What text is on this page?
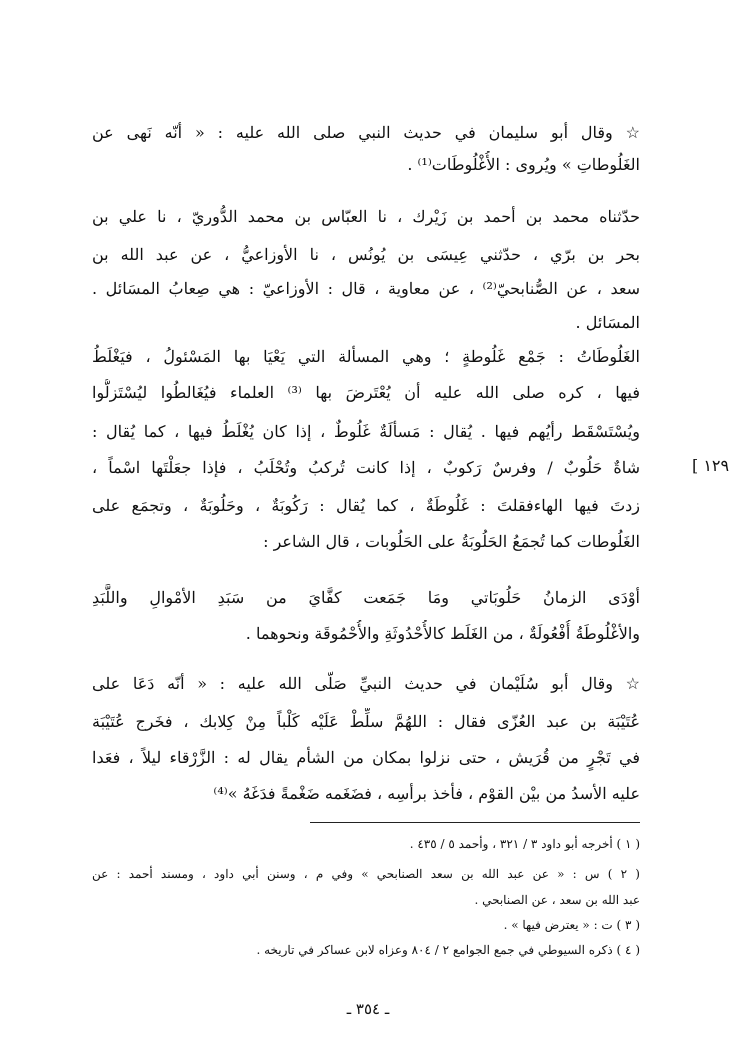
☆ وقال أبو سليمان في حديث النبي صلى الله عليه : « أنّه نَهى عن

الغَلُوطاتِ » ويُروى : الأُغْلُوطَات⁽¹⁾ .

حدّثناه محمد بن أحمد بن زَيْرك ، نا العبّاس بن محمد الدُّوريّ ، نا علي بن

بحر بن برّي ، حدّثني عِيسَى بن يُونُس ، نا الأوزاعيُّ ، عن عبد الله بن

سعد ، عن الصُّنابحيّ⁽²⁾ ، عن معاوية ، قال : الأوزاعيّ : هي صِعابُ المسَائل .

المسَائل .

الغَلُوطَاتُ : جَمْع غَلُوطةٍ ؛ وهي المسألة التي يَعْيَا بها المَسْئولُ ، فيَغْلَطُ

فيها ، كره صلى الله عليه أن يُعْتَرضَ بها ⁽³⁾ العلماء فيُغَالطُوا ليُسْتَزلُّوا

ويُسْتَسْقَط رأيُهم فيها . يُقال : مَسألَةٌ غَلُوطٌ ، إذا كان يُغْلَطُ فيها ، كما يُقال :

شاةٌ حَلُوبٌ / وفرسٌ رَكوبٌ ، إذا كانت تُركبُ وتُحْلَبُ ، فإذا جعَلْتَها اسْماً ،

زدتَ فيها الهاءفقلتَ : غَلُوطَةٌ ، كما يُقال : رَكُوبَةٌ ، وحَلُوبَةٌ ، وتجمَع على

الغَلُوطات كما تُجمَعُ الحَلُوبَةُ على الحَلُوبات ، قال الشاعر :

أوْدَى الزمانُ حَلُوبَاتي ومَا جَمَعت كفَّايَ من سَبَدِ الأمْوالِ واللَّبَدِ

والأغْلُوطَةُ أُفْعُولَةٌ ، من الغَلَط كالأُحْدُوثَةِ والأُحْمُوقَة ونحوهما .

☆ وقال أبو سُلَيْمان في حديث النبيِّ صَلّى الله عليه : « أنّه دَعَا على

عُتَيْبَة بن عبد العُزّى فقال : اللهُمَّ سلِّطْ عَلَيْه كَلْباً مِنْ كِلابك ، فخَرج عُتَيْبَة

في تَجْرٍ من قُرَيش ، حتى نزلوا بمكان من الشأم يقال له : الزَّرْقاء ليلاً ، فعَدا

عليه الأسدُ من بيْن القوْم ، فأخذ برأسِه ، فضَغَمه ضَغْمةً فدَغَهُ »⁽⁴⁾

[ ١٢٩

( ١ ) أخرجه أبو داود ٣ / ٣٢١ ، وأحمد ٥ / ٤٣٥ .

( ٢ ) س : « عن عبد الله بن سعد الصنابحي » وفي م ، وسنن أبي داود ، ومسند أحمد : عن

عبد الله بن سعد ، عن الصنابحي .

( ٣ ) ت : « يعترض فيها » .

( ٤ ) ذكره السيوطي في جمع الجوامع ٢ / ٨٠٤ وعزاه لابن عساكر في تاريخه .

ـ ٣٥٤ ـ
